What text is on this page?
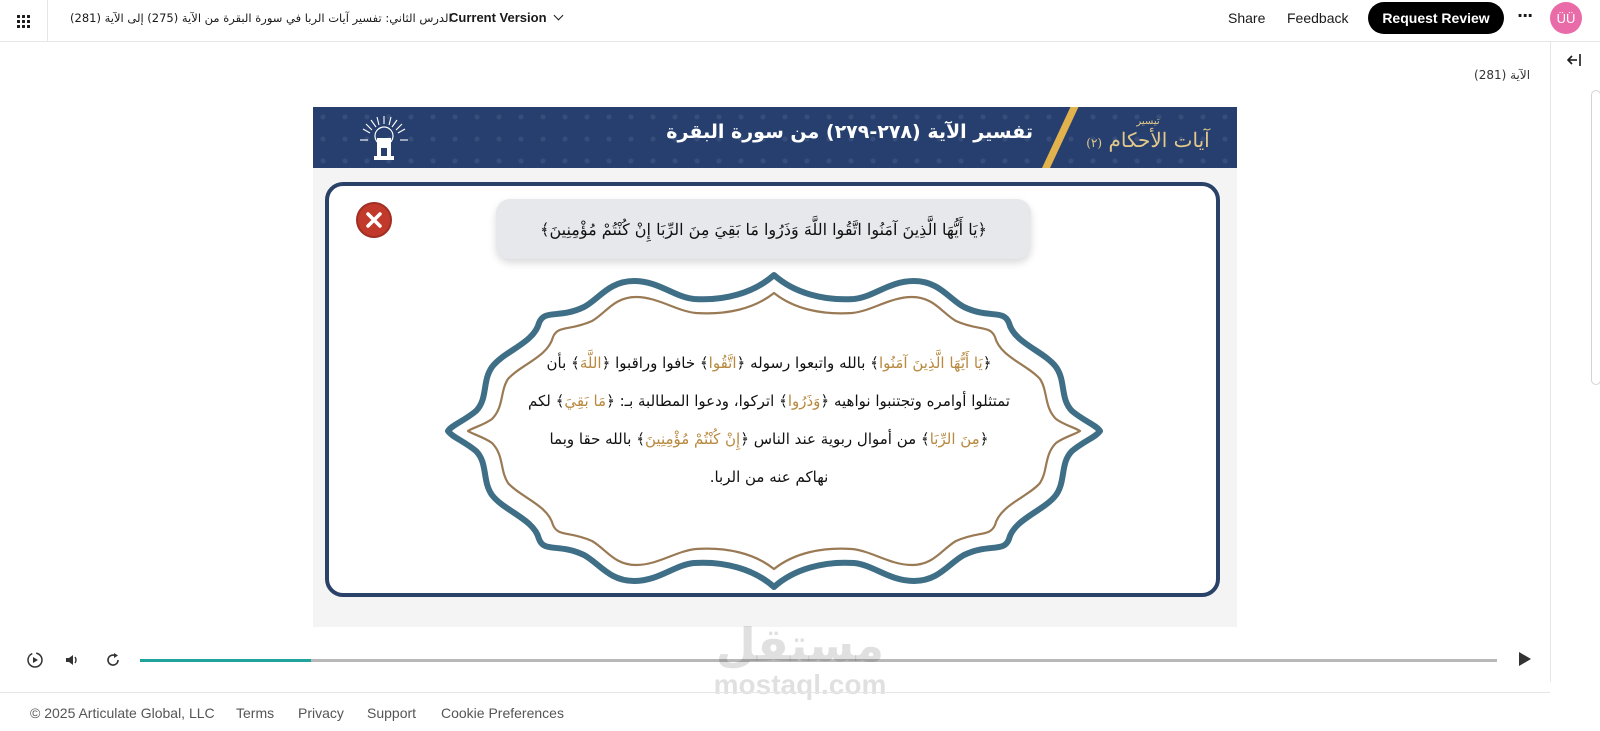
الدرس الثاني: تفسير آيات الربا في سورة البقرة من الآية (275) إلى الآية (281)
Current Version	Share Feedback	Request Review	···	ÜÜ
الآية (281)
تفسير الآية (٢٧٨-٢٧٩) من سورة البقرة	تيسير
آيات الأحكام (٢)
﴿يَا أَيُّهَا الَّذِينَ آمَنُوا اتَّقُوا اللَّهَ وَذَرُوا مَا بَقِيَ مِنَ الرِّبَا إِنْ كُنْتُمْ مُؤْمِنِينَ﴾
﴿يَا أَيُّهَا الَّذِينَ آمَنُوا﴾ بالله واتبعوا رسوله ﴿اتَّقُوا﴾ خافوا وراقبوا ﴿اللَّهَ﴾ بأن
تمتثلوا أوامره وتجتنبوا نواهيه ﴿وَذَرُوا﴾ اتركوا، ودعوا المطالبة بـ: ﴿مَا بَقِيَ﴾ لكم
﴿مِنَ الرِّبَا﴾ من أموال ربوية عند الناس ﴿إِنْ كُنْتُمْ مُؤْمِنِينَ﴾ بالله حقا وبما
نهاكم عنه من الربا.
مستقل
mostaql.com
© 2025 Articulate Global, LLC Terms Privacy Support Cookie Preferences
